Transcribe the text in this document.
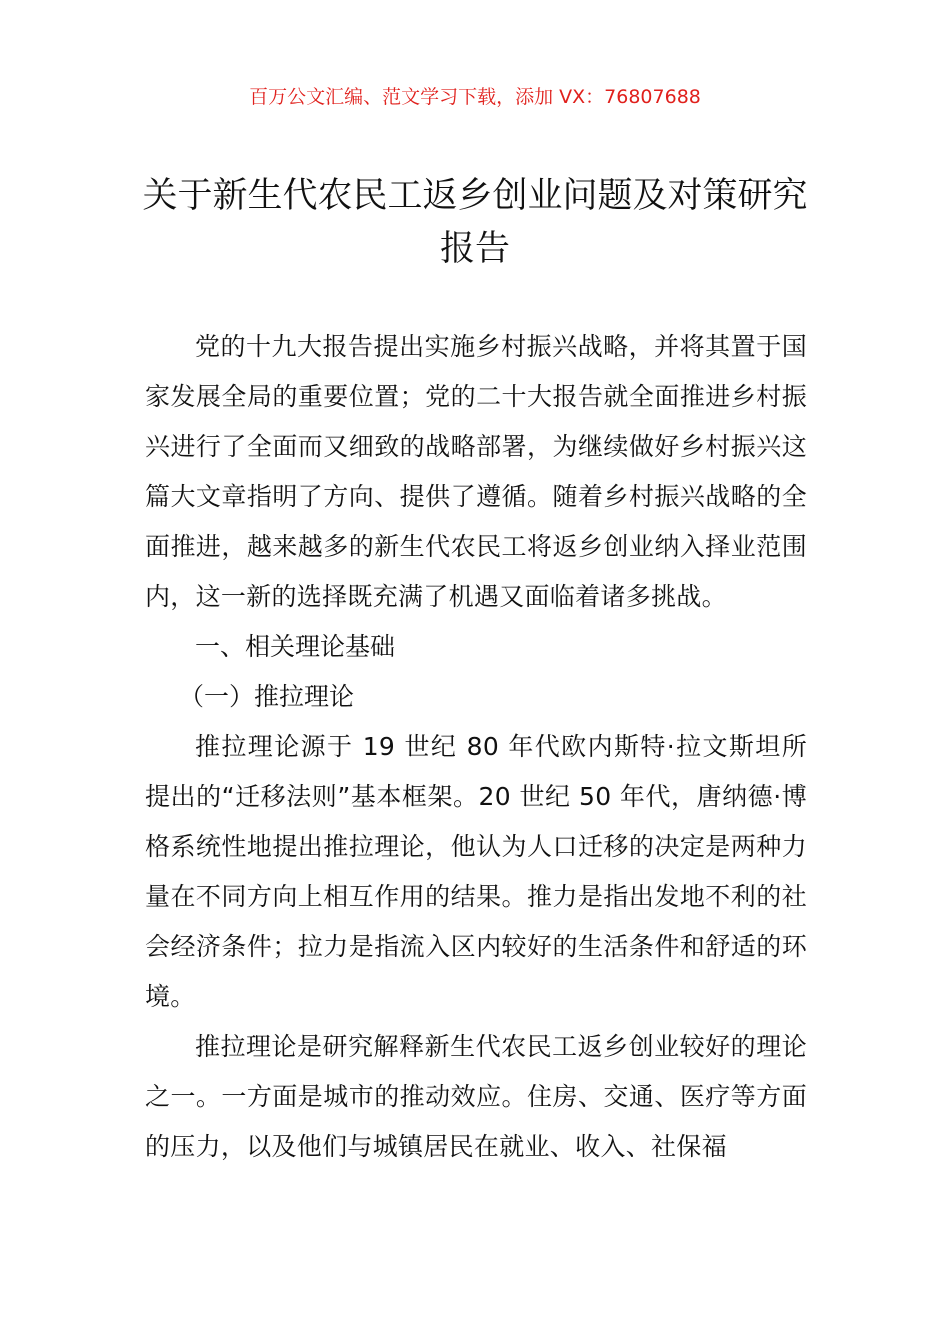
百万公文汇编、范文学习下载，添加 VX：76807688
关于新生代农民工返乡创业问题及对策研究报告

党的十九大报告提出实施乡村振兴战略，并将其置于国家发展全局的重要位置；党的二十大报告就全面推进乡村振兴进行了全面而又细致的战略部署，为继续做好乡村振兴这篇大文章指明了方向、提供了遵循。随着乡村振兴战略的全面推进，越来越多的新生代农民工将返乡创业纳入择业范围内，这一新的选择既充满了机遇又面临着诸多挑战。

一、相关理论基础

（一）推拉理论

推拉理论源于 19 世纪 80 年代欧内斯特·拉文斯坦所提出的“迁移法则”基本框架。20 世纪 50 年代，唐纳德·博格系统性地提出推拉理论，他认为人口迁移的决定是两种力量在不同方向上相互作用的结果。推力是指出发地不利的社会经济条件；拉力是指流入区内较好的生活条件和舒适的环境。

推拉理论是研究解释新生代农民工返乡创业较好的理论之一。一方面是城市的推动效应。住房、交通、医疗等方面的压力，以及他们与城镇居民在就业、收入、社保福
